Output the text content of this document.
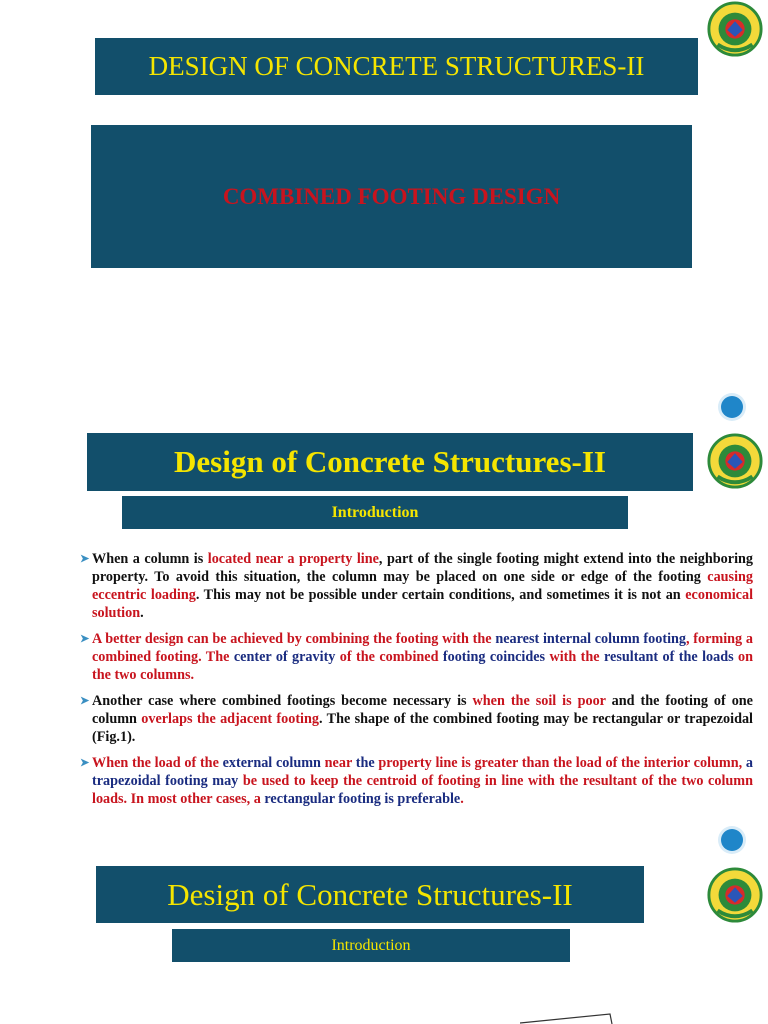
DESIGN OF CONCRETE STRUCTURES-II
COMBINED FOOTING DESIGN
Design of Concrete Structures-II
Introduction
➤ When a column is located near a property line, part of the single footing might extend into the neighboring property. To avoid this situation, the column may be placed on one side or edge of the footing causing eccentric loading. This may not be possible under certain conditions, and sometimes it is not an economical solution.
➤ A better design can be achieved by combining the footing with the nearest internal column footing, forming a combined footing. The center of gravity of the combined footing coincides with the resultant of the loads on the two columns.
➤ Another case where combined footings become necessary is when the soil is poor and the footing of one column overlaps the adjacent footing. The shape of the combined footing may be rectangular or trapezoidal (Fig.1).
➤ When the load of the external column near the property line is greater than the load of the interior column, a trapezoidal footing may be used to keep the centroid of footing in line with the resultant of the two column loads. In most other cases, a rectangular footing is preferable.
Design of Concrete Structures-II
Introduction
